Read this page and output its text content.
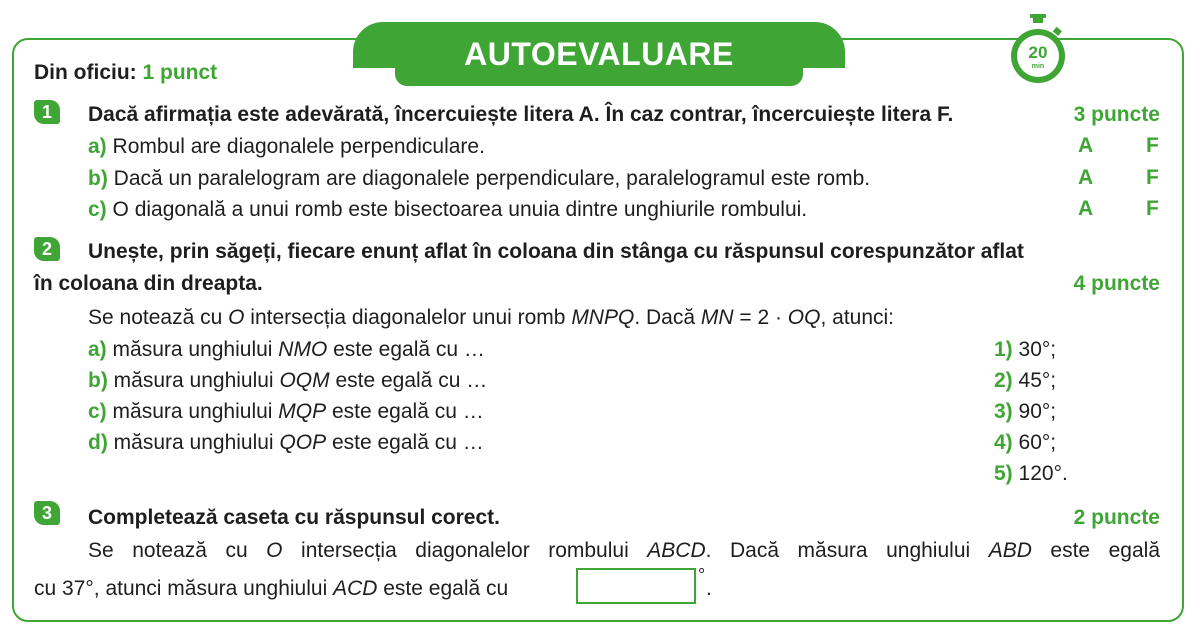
AUTOEVALUARE	20
min
Din oficiu: 1 punct
1	Dacă afirmația este adevărată, încercuiește litera A. În caz contrar, încercuiește litera F.	3 puncte
a) Rombul are diagonalele perpendiculare.	A	F
b) Dacă un paralelogram are diagonalele perpendiculare, paralelogramul este romb.	A	F
c) O diagonală a unui romb este bisectoarea unuia dintre unghiurile rombului.	A	F
2	Unește, prin săgeți, fiecare enunț aflat în coloana din stânga cu răspunsul corespunzător aflat
în coloana din dreapta.	4 puncte
Se notează cu O intersecția diagonalelor unui romb MNPQ. Dacă MN = 2 · OQ, atunci:
a) măsura unghiului NMO este egală cu …
b) măsura unghiului OQM este egală cu …
c) măsura unghiului MQP este egală cu …
d) măsura unghiului QOP este egală cu …
1) 30°;
2) 45°;
3) 90°;
4) 60°;
5) 120°.
3	Completează caseta cu răspunsul corect.	2 puncte
Se notează cu O intersecția diagonalelor rombului ABCD. Dacă măsura unghiului ABD este egală
cu 37°, atunci măsura unghiului ACD este egală cu
°
.
